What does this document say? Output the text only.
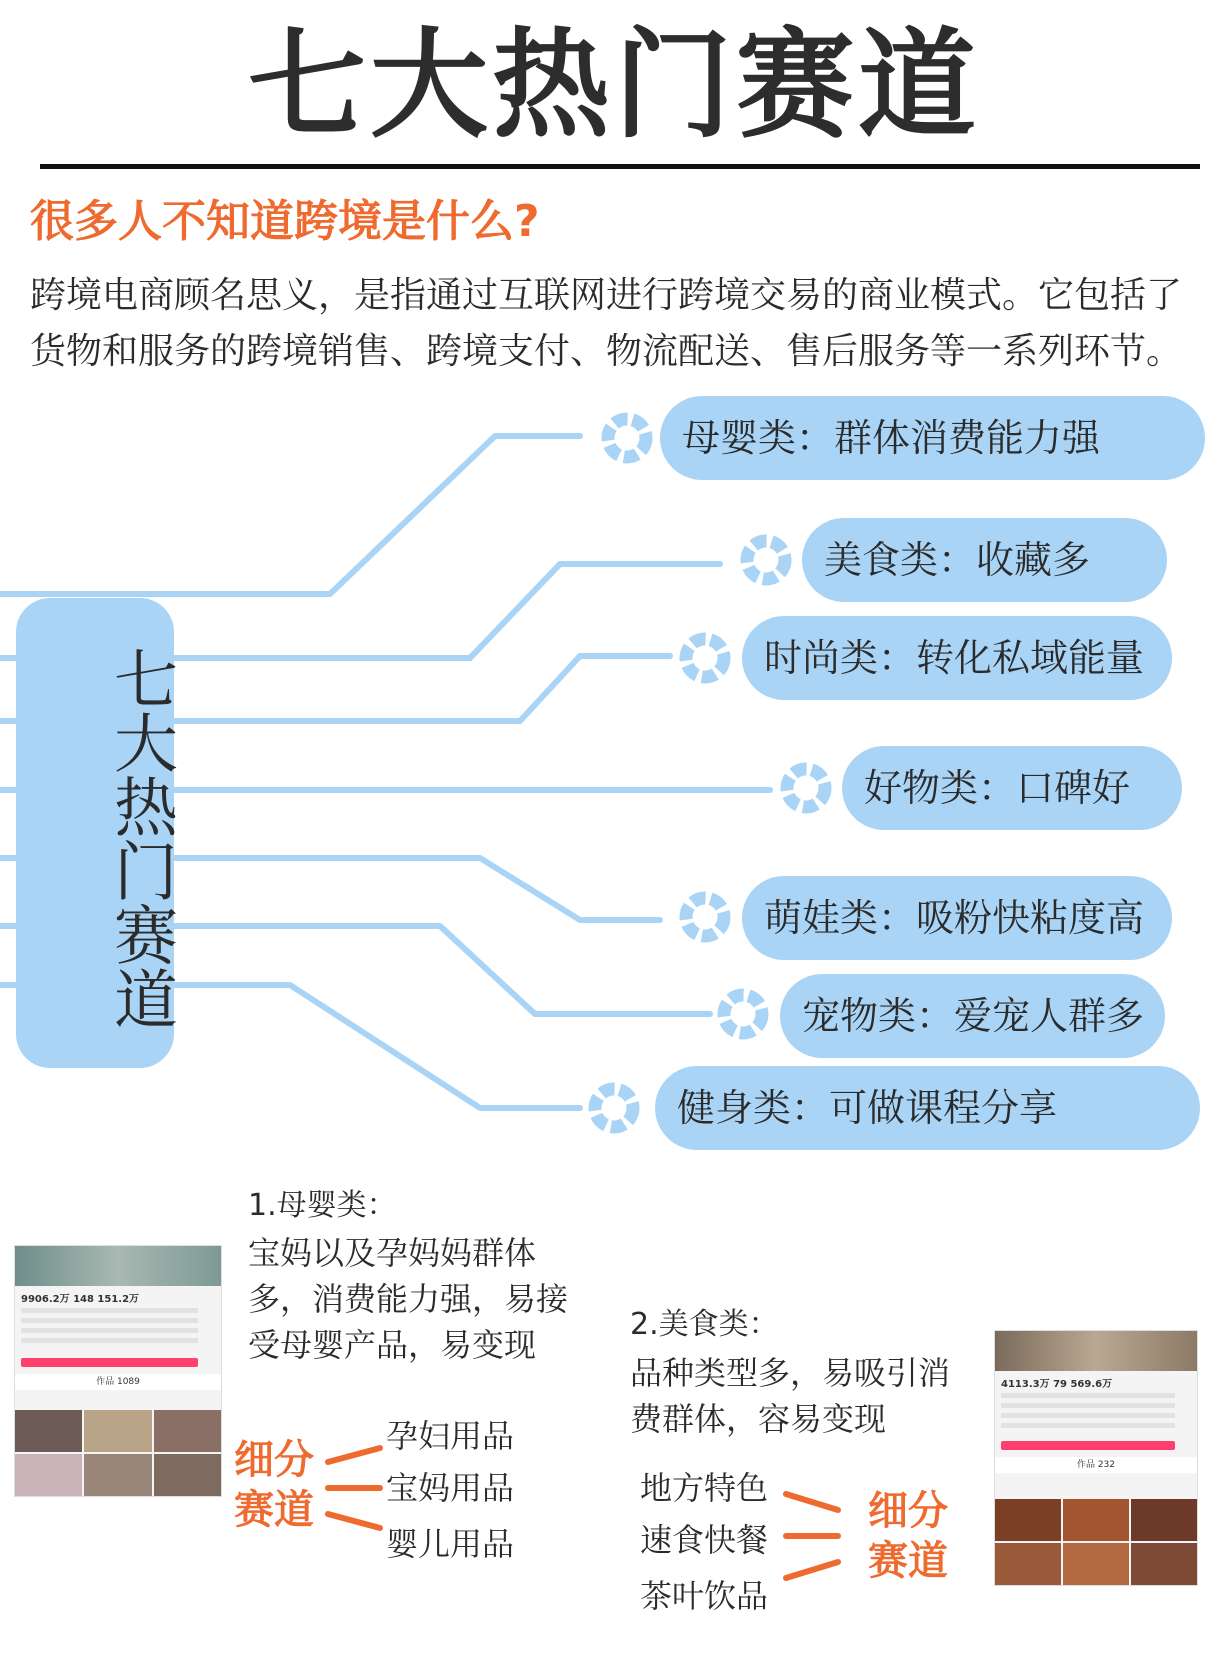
七大热门赛道
很多人不知道跨境是什么?
跨境电商顾名思义，是指通过互联网进行跨境交易的商业模式。它包括了货物和服务的跨境销售、跨境支付、物流配送、售后服务等一系列环节。
七大热门赛道
母婴类：群体消费能力强
美食类：收藏多
时尚类：转化私域能量
好物类：口碑好
萌娃类：吸粉快粘度高
宠物类：爱宠人群多
健身类：可做课程分享
9906.2万 148 151.2万
作品 1089
1.母婴类：
宝妈以及孕妈妈群体多，消费能力强，易接受母婴产品，易变现
细分赛道
孕妇用品
宝妈用品
婴儿用品
2.美食类：
品种类型多，易吸引消费群体，容易变现
地方特色
速食快餐
茶叶饮品
细分赛道
4113.3万 79 569.6万
作品 232
